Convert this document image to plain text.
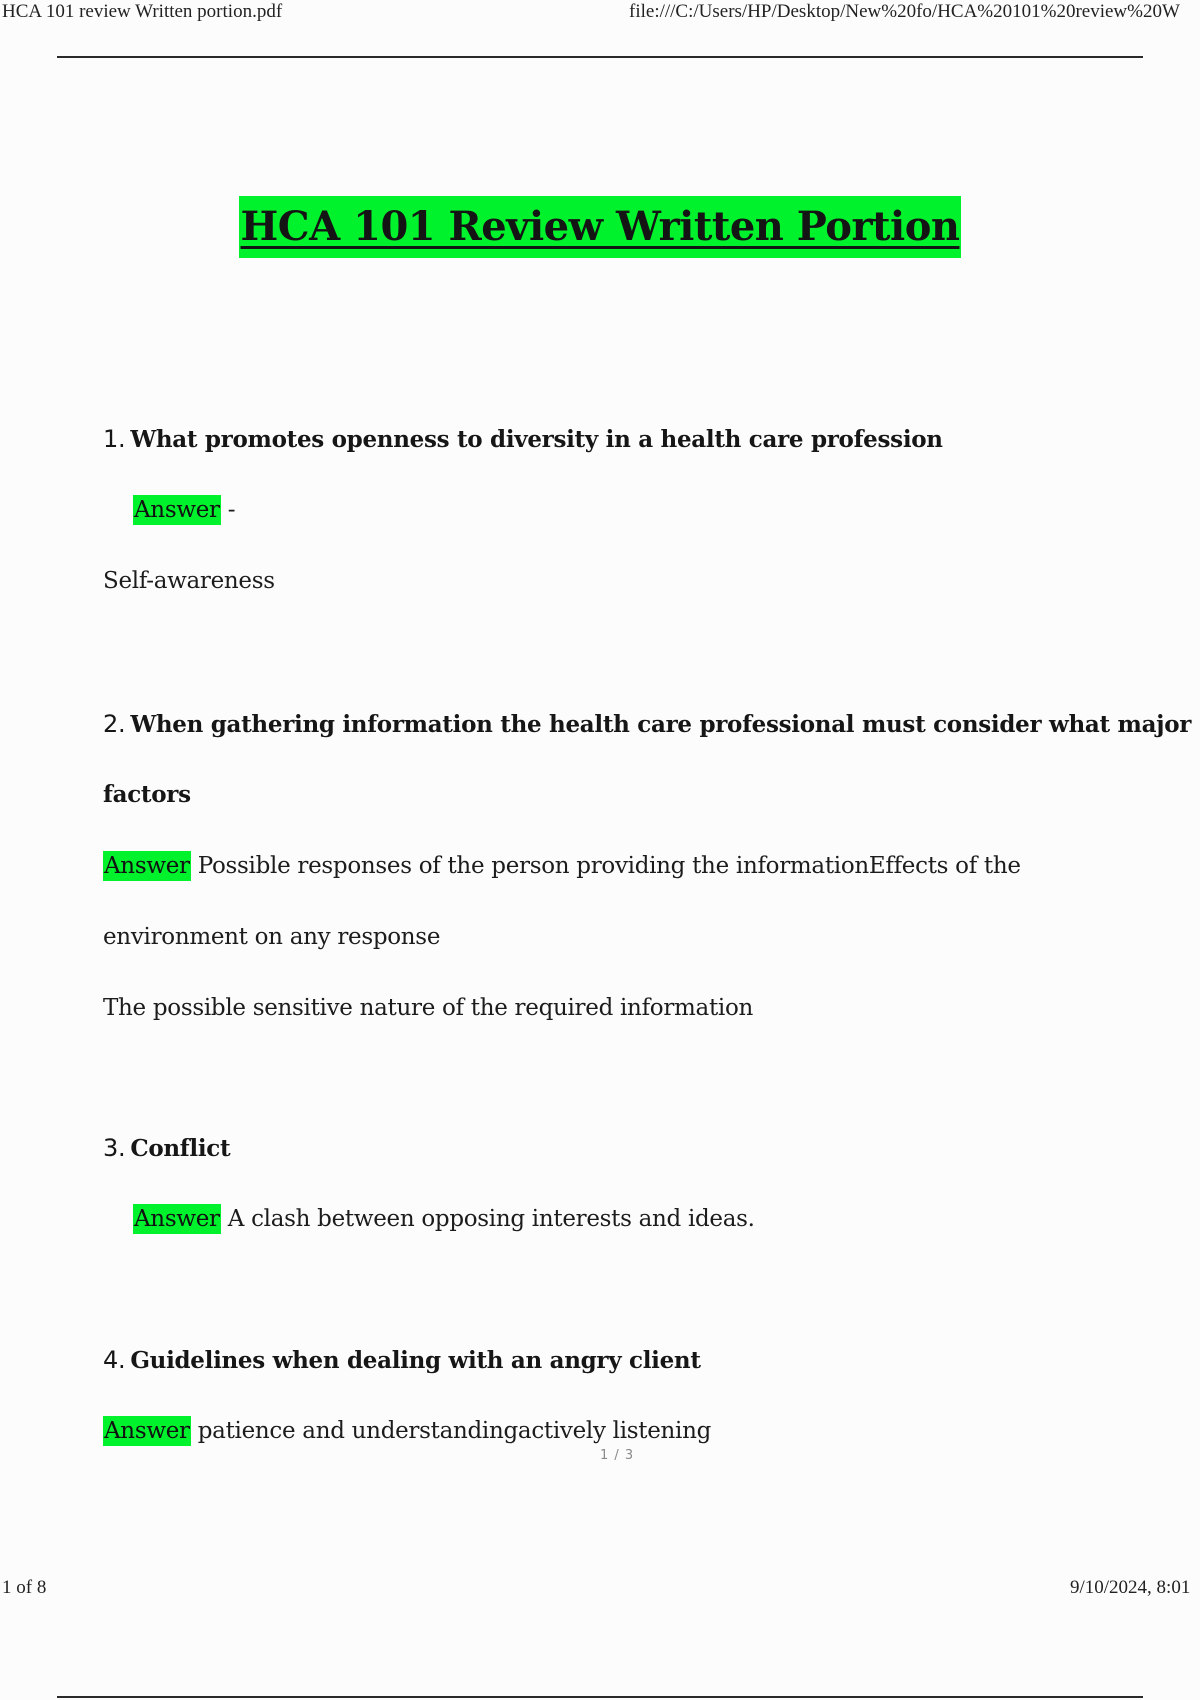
HCA 101 review Written portion.pdf	file:///C:/Users/HP/Desktop/New%20fo/HCA%20101%20review%20W
HCA 101 Review Written Portion
1. What promotes openness to diversity in a health care profession
Answer -
Self-awareness
2. When gathering information the health care professional must consider what major
factors
Answer Possible responses of the person providing the informationEffects of the
environment on any response
The possible sensitive nature of the required information
3. Conflict
Answer A clash between opposing interests and ideas.
4. Guidelines when dealing with an angry client
Answer patience and understandingactively listening
1 / 3
1 of 8	9/10/2024, 8:01
